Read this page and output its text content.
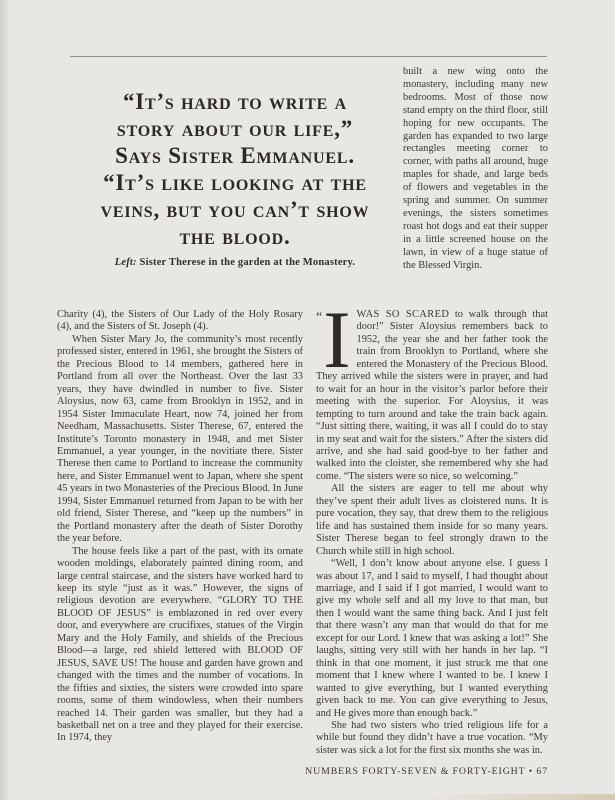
built a new wing onto the monastery, including many new bedrooms. Most of those now stand empty on the third floor, still hoping for new occupants. The garden has expanded to two large rectangles meeting corner to corner, with paths all around, huge maples for shade, and large beds of flowers and vegetables in the spring and summer. On summer evenings, the sisters sometimes roast hot dogs and eat their supper in a little screened house on the lawn, in view of a huge statue of the Blessed Virgin.
“It’s hard to write a
story about our life,”
Says Sister Emmanuel.
“It’s like looking at the
veins, but you can’t show
the blood.
Left: Sister Therese in the garden at the Monastery.

Charity (4), the Sisters of Our Lady of the Holy Rosary (4), and the Sisters of St. Joseph (4).

When Sister Mary Jo, the community’s most recently professed sister, entered in 1961, she brought the Sisters of the Precious Blood to 14 members, gathered here in Portland from all over the Northeast. Over the last 33 years, they have dwindled in number to five. Sister Aloysius, now 63, came from Brooklyn in 1952, and in 1954 Sister Immaculate Heart, now 74, joined her from Needham, Massachusetts. Sister Therese, 67, entered the Institute’s Toronto monastery in 1948, and met Sister Emmanuel, a year younger, in the novitiate there. Sister Therese then came to Portland to increase the community here, and Sister Emmanuel went to Japan, where she spent 45 years in two Monasteries of the Precious Blood. In June 1994, Sister Emmanuel returned from Japan to be with her old friend, Sister Therese, and “keep up the numbers” in the Portland monastery after the death of Sister Dorothy the year before.

The house feels like a part of the past, with its ornate wooden moldings, elaborately painted dining room, and large central staircase, and the sisters have worked hard to keep its style “just as it was.” However, the signs of religious devotion are everywhere. “GLORY TO THE BLOOD OF JESUS” is emblazoned in red over every door, and everywhere are crucifixes, statues of the Virgin Mary and the Holy Family, and shields of the Precious Blood—a large, red shield lettered with BLOOD OF JESUS, SAVE US! The house and garden have grown and changed with the times and the number of vocations. In the fifties and sixties, the sisters were crowded into spare rooms, some of them windowless, when their numbers reached 14. Their garden was smaller, but they had a basketball net on a tree and they played for their exercise. In 1974, they

“ I WAS SO SCARED to walk through that door!” Sister Aloysius remembers back to 1952, the year she and her father took the train from Brooklyn to Portland, where she entered the Monastery of the Precious Blood. They arrived while the sisters were in prayer, and had to wait for an hour in the visitor’s parlor before their meeting with the superior. For Aloysius, it was tempting to turn around and take the train back again. “Just sitting there, waiting, it was all I could do to stay in my seat and wait for the sisters.” After the sisters did arrive, and she had said good-bye to her father and walked into the cloister, she remembered why she had come. “The sisters were so nice, so welcoming.”

All the sisters are eager to tell me about why they’ve spent their adult lives as cloistered nuns. It is pure vocation, they say, that drew them to the religious life and has sustained them inside for so many years. Sister Therese began to feel strongly drawn to the Church while still in high school.

“Well, I don’t know about anyone else. I guess I was about 17, and I said to myself, I had thought about marriage, and I said if I got married, I would want to give my whole self and all my love to that man, but then I would want the same thing back. And I just felt that there wasn’t any man that would do that for me except for our Lord. I knew that was asking a lot!” She laughs, sitting very still with her hands in her lap. “I think in that one moment, it just struck me that one moment that I knew where I wanted to be. I knew I wanted to give everything, but I wanted everything given back to me. You can give everything to Jesus, and He gives more than enough back.”

She had two sisters who tried religious life for a while but found they didn’t have a true vocation. “My sister was sick a lot for the first six months she was in.

NUMBERS FORTY-SEVEN & FORTY-EIGHT • 67
